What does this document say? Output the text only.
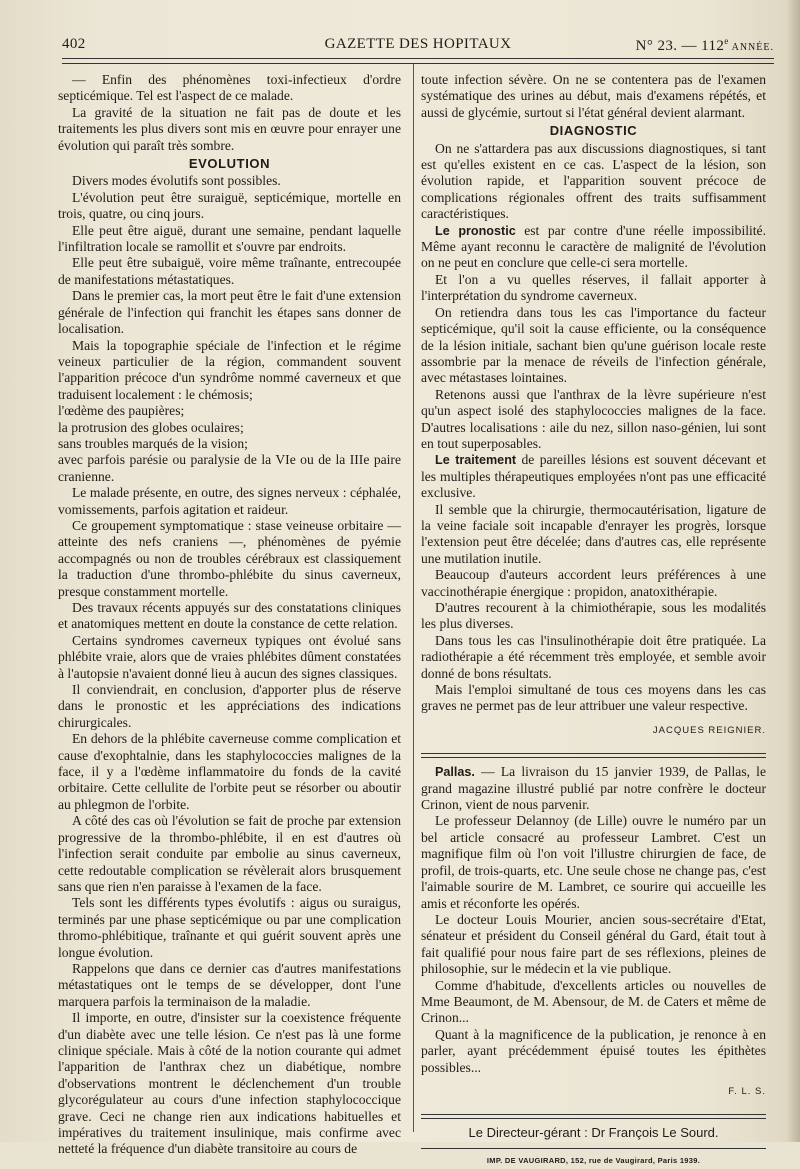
402	GAZETTE DES HOPITAUX	N° 23. — 112e ANNÉE.

— Enfin des phénomènes toxi-infectieux d'ordre septicémique. Tel est l'aspect de ce malade.

La gravité de la situation ne fait pas de doute et les traitements les plus divers sont mis en œuvre pour enrayer une évolution qui paraît très sombre.

EVOLUTION

Divers modes évolutifs sont possibles.

L'évolution peut être suraiguë, septicémique, mortelle en trois, quatre, ou cinq jours.

Elle peut être aiguë, durant une semaine, pendant laquelle l'infiltration locale se ramollit et s'ouvre par endroits.

Elle peut être subaiguë, voire même traînante, entrecoupée de manifestations métastatiques.

Dans le premier cas, la mort peut être le fait d'une extension générale de l'infection qui franchit les étapes sans donner de localisation.

Mais la topographie spéciale de l'infection et le régime veineux particulier de la région, commandent souvent l'apparition précoce d'un syndrôme nommé caverneux et que traduisent localement : le chémosis;

l'œdème des paupières;

la protrusion des globes oculaires;

sans troubles marqués de la vision;

avec parfois parésie ou paralysie de la VIe ou de la IIIe paire cranienne.

Le malade présente, en outre, des signes nerveux : céphalée, vomissements, parfois agitation et raideur.

Ce groupement symptomatique : stase veineuse orbitaire — atteinte des nefs craniens —, phénomènes de pyémie accompagnés ou non de troubles cérébraux est classiquement la traduction d'une thrombo-phlébite du sinus caverneux, presque constamment mortelle.

Des travaux récents appuyés sur des constatations cliniques et anatomiques mettent en doute la constance de cette relation.

Certains syndromes caverneux typiques ont évolué sans phlébite vraie, alors que de vraies phlébites dûment constatées à l'autopsie n'avaient donné lieu à aucun des signes classiques.

Il conviendrait, en conclusion, d'apporter plus de réserve dans le pronostic et les appréciations des indications chirurgicales.

En dehors de la phlébite caverneuse comme complication et cause d'exophtalnie, dans les staphylococcies malignes de la face, il y a l'œdème inflammatoire du fonds de la cavité orbitaire. Cette cellulite de l'orbite peut se résorber ou aboutir au phlegmon de l'orbite.

A côté des cas où l'évolution se fait de proche par extension progressive de la thrombo-phlébite, il en est d'autres où l'infection serait conduite par embolie au sinus caverneux, cette redoutable complication se révèlerait alors brusquement sans que rien n'en paraisse à l'examen de la face.

Tels sont les différents types évolutifs : aigus ou suraigus, terminés par une phase septicémique ou par une complication thromo-phlébitique, traînante et qui guérit souvent après une longue évolution.

Rappelons que dans ce dernier cas d'autres manifestations métastatiques ont le temps de se développer, dont l'une marquera parfois la terminaison de la maladie.

Il importe, en outre, d'insister sur la coexistence fréquente d'un diabète avec une telle lésion. Ce n'est pas là une forme clinique spéciale. Mais à côté de la notion courante qui admet l'apparition de l'anthrax chez un diabétique, nombre d'observations montrent le déclenchement d'un trouble glycorégulateur au cours d'une infection staphylococcique grave. Ceci ne change rien aux indications habituelles et impératives du traitement insulinique, mais confirme avec netteté la fréquence d'un diabète transitoire au cours de

toute infection sévère. On ne se contentera pas de l'examen systématique des urines au début, mais d'examens répétés, et aussi de glycémie, surtout si l'état général devient alarmant.

DIAGNOSTIC

On ne s'attardera pas aux discussions diagnostiques, si tant est qu'elles existent en ce cas. L'aspect de la lésion, son évolution rapide, et l'apparition souvent précoce de complications régionales offrent des traits suffisamment caractéristiques.

Le pronostic est par contre d'une réelle impossibilité. Même ayant reconnu le caractère de malignité de l'évolution on ne peut en conclure que celle-ci sera mortelle.

Et l'on a vu quelles réserves, il fallait apporter à l'interprétation du syndrome caverneux.

On retiendra dans tous les cas l'importance du facteur septicémique, qu'il soit la cause efficiente, ou la conséquence de la lésion initiale, sachant bien qu'une guérison locale reste assombrie par la menace de réveils de l'infection générale, avec métastases lointaines.

Retenons aussi que l'anthrax de la lèvre supérieure n'est qu'un aspect isolé des staphylococcies malignes de la face. D'autres localisations : aile du nez, sillon naso-génien, lui sont en tout superposables.

Le traitement de pareilles lésions est souvent décevant et les multiples thérapeutiques employées n'ont pas une efficacité exclusive.

Il semble que la chirurgie, thermocautérisation, ligature de la veine faciale soit incapable d'enrayer les progrès, lorsque l'extension peut être décelée; dans d'autres cas, elle représente une mutilation inutile.

Beaucoup d'auteurs accordent leurs préférences à une vaccinothérapie énergique : propidon, anatoxithérapie.

D'autres recourent à la chimiothérapie, sous les modalités les plus diverses.

Dans tous les cas l'insulinothérapie doit être pratiquée. La radiothérapie a été récemment très employée, et semble avoir donné de bons résultats.

Mais l'emploi simultané de tous ces moyens dans les cas graves ne permet pas de leur attribuer une valeur respective.

JACQUES REIGNIER.

Pallas. — La livraison du 15 janvier 1939, de Pallas, le grand magazine illustré publié par notre confrère le docteur Crinon, vient de nous parvenir.

Le professeur Delannoy (de Lille) ouvre le numéro par un bel article consacré au professeur Lambret. C'est un magnifique film où l'on voit l'illustre chirurgien de face, de profil, de trois-quarts, etc. Une seule chose ne change pas, c'est l'aimable sourire de M. Lambret, ce sourire qui accueille les amis et réconforte les opérés.

Le docteur Louis Mourier, ancien sous-secrétaire d'Etat, sénateur et président du Conseil général du Gard, était tout à fait qualifié pour nous faire part de ses réflexions, pleines de philosophie, sur le médecin et la vie publique.

Comme d'habitude, d'excellents articles ou nouvelles de Mme Beaumont, de M. Abensour, de M. de Caters et même de Crinon...

Quant à la magnificence de la publication, je renonce à en parler, ayant précédemment épuisé toutes les épithètes possibles...

F. L. S.
Le Directeur-gérant : Dr François Le Sourd.
IMP. DE VAUGIRARD, 152, rue de Vaugirard, Paris 1939.
